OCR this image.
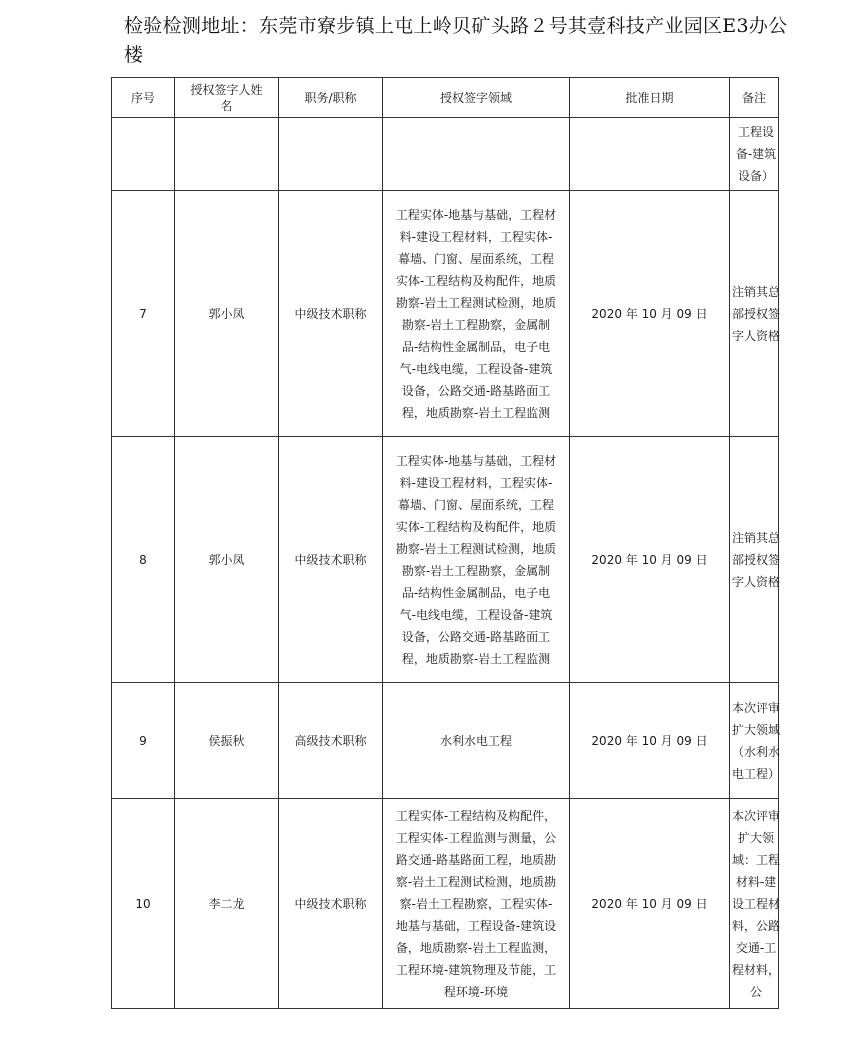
检验检测地址：东莞市寮步镇上屯上岭贝矿头路２号其壹科技产业园区E3办公楼
序号	授权签字人姓名	职务/职称	授权签字领域	批准日期	备注

					工程设备-建筑设备）

7	郭小凤	中级技术职称	工程实体-地基与基础，工程材料-建设工程材料，工程实体-幕墙、门窗、屋面系统，工程实体-工程结构及构配件，地质勘察-岩土工程测试检测，地质勘察-岩土工程勘察，金属制品-结构性金属制品，电子电气-电线电缆，工程设备-建筑设备，公路交通-路基路面工程，地质勘察-岩土工程监测	2020 年 10 月 09 日	注销其总部授权签字人资格

8	郭小凤	中级技术职称	工程实体-地基与基础，工程材料-建设工程材料，工程实体-幕墙、门窗、屋面系统，工程实体-工程结构及构配件，地质勘察-岩土工程测试检测，地质勘察-岩土工程勘察，金属制品-结构性金属制品，电子电气-电线电缆，工程设备-建筑设备，公路交通-路基路面工程，地质勘察-岩土工程监测	2020 年 10 月 09 日	注销其总部授权签字人资格

9	侯振秋	高级技术职称	水利水电工程	2020 年 10 月 09 日	本次评审扩大领域（水利水电工程）

10	李二龙	中级技术职称	工程实体-工程结构及构配件，工程实体-工程监测与测量，公路交通-路基路面工程，地质勘察-岩土工程测试检测，地质勘察-岩土工程勘察，工程实体-地基与基础，工程设备-建筑设备，地质勘察-岩土工程监测，工程环境-建筑物理及节能，工程环境-环境	2020 年 10 月 09 日	本次评审扩大领域：工程材料-建设工程材料，公路交通-工程材料，公
